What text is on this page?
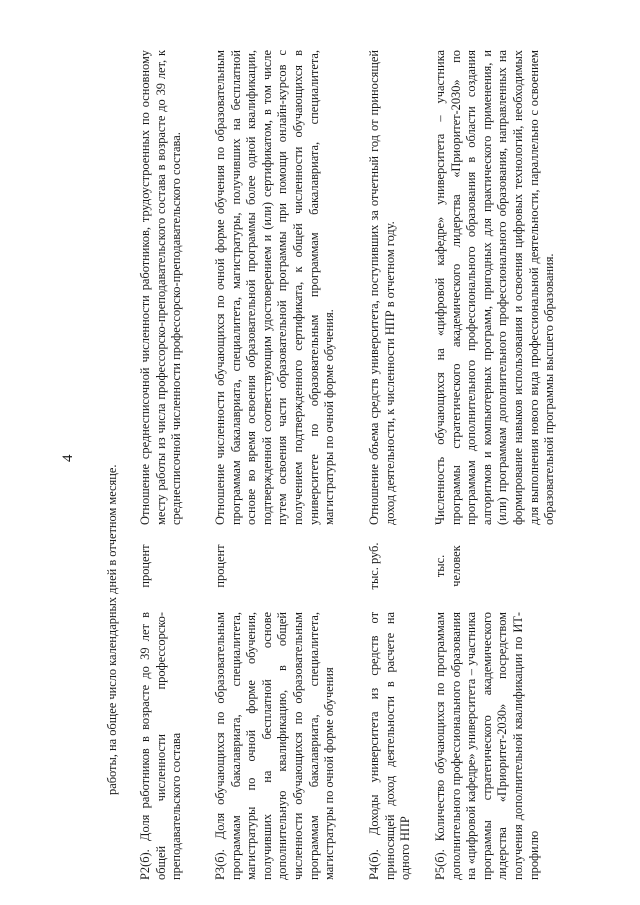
4
работы, на общее число календарных дней в отчетном месяце.
Р2(б). Доля работников в возрасте до 39 лет в общей численности профессорско-преподавательского состава
процент
Отношение среднесписочной численности работников, трудоустроенных по основному месту работы из числа профессорско-преподавательского состава в возрасте до 39 лет, к среднесписочной численности профессорско-преподавательского состава.
Р3(б). Доля обучающихся по образовательным программам бакалавриата, специалитета, магистратуры по очной форме обучения, получивших на бесплатной основе дополнительную квалификацию, в общей численности обучающихся по образовательным программам бакалавриата, специалитета, магистратуры по очной форме обучения
процент
Отношение численности обучающихся по очной форме обучения по образовательным программам бакалавриата, специалитета, магистратуры, получивших на бесплатной основе во время освоения образовательной программы более одной квалификации, подтвержденной соответствующим удостоверением и (или) сертификатом, в том числе путем освоения части образовательной программы при помощи онлайн-курсов с получением подтвержденного сертификата, к общей численности обучающихся в университете по образовательным программам бакалавриата, специалитета, магистратуры по очной форме обучения.
Р4(б). Доходы университета из средств от приносящей доход деятельности в расчете на одного НПР
тыс. руб.
Отношение объема средств университета, поступивших за отчетный год от приносящей доход деятельности, к численности НПР в отчетном году.
Р5(б). Количество обучающихся по программам дополнительного профессионального образования на «цифровой кафедре» университета – участника программы стратегического академического лидерства «Приоритет-2030» посредством получения дополнительной квалификации по ИТ-профилю
тыс. человек
Численность обучающихся на «цифровой кафедре» университета – участника программы стратегического академического лидерства «Приоритет-2030» по программам дополнительного профессионального образования в области создания алгоритмов и компьютерных программ, пригодных для практического применения, и (или) программам дополнительного профессионального образования, направленных на формирование навыков использования и освоения цифровых технологий, необходимых для выполнения нового вида профессиональной деятельности, параллельно с освоением образовательной программы высшего образования.
